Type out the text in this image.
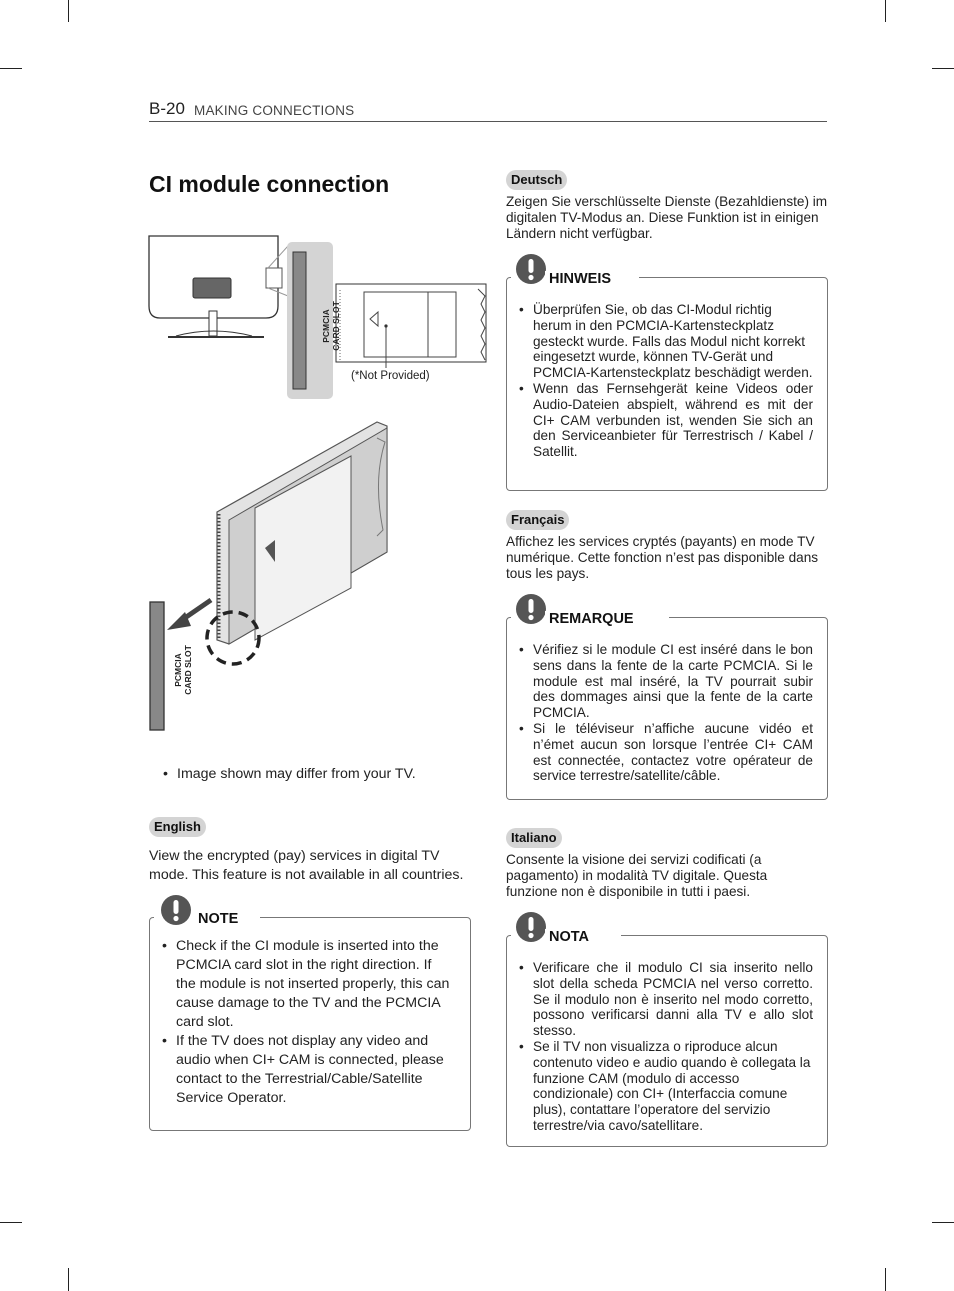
B-20 MAKING CONNECTIONS
CI module connection
PCMCIA CARD SLOT
(*Not Provided)
PCMCIA CARD SLOT
• Image shown may differ from your TV.
English
View the encrypted (pay) services in digital TV mode. This feature is not available in all countries.
NOTE
• Check if the CI module is inserted into the PCMCIA card slot in the right direction. If the module is not inserted properly, this can cause damage to the TV and the PCMCIA card slot.
• If the TV does not display any video and audio when CI+ CAM is connected, please contact to the Terrestrial/Cable/Satellite Service Operator.
Deutsch
Zeigen Sie verschlüsselte Dienste (Bezahldienste) im digitalen TV-Modus an. Diese Funktion ist in einigen Ländern nicht verfügbar.
HINWEIS
• Überprüfen Sie, ob das CI-Modul richtig herum in den PCMCIA-Kartensteckplatz gesteckt wurde. Falls das Modul nicht korrekt eingesetzt wurde, können TV-Gerät und PCMCIA-Kartensteckplatz beschädigt werden.
• Wenn das Fernsehgerät keine Videos oder Audio-Dateien abspielt, während es mit der CI+ CAM verbunden ist, wenden Sie sich an den Serviceanbieter für Terrestrisch / Kabel / Satellit.
Français
Affichez les services cryptés (payants) en mode TV numérique. Cette fonction n’est pas disponible dans tous les pays.
REMARQUE
• Vérifiez si le module CI est inséré dans le bon sens dans la fente de la carte PCMCIA. Si le module est mal inséré, la TV pourrait subir des dommages ainsi que la fente de la carte PCMCIA.
• Si le téléviseur n’affiche aucune vidéo et n’émet aucun son lorsque l’entrée CI+ CAM est connectée, contactez votre opérateur de service terrestre/satellite/câble.
Italiano
Consente la visione dei servizi codificati (a pagamento) in modalità TV digitale. Questa funzione non è disponibile in tutti i paesi.
NOTA
• Verificare che il modulo CI sia inserito nello slot della scheda PCMCIA nel verso corretto. Se il modulo non è inserito nel modo corretto, possono verificarsi danni alla TV e allo slot stesso.
• Se il TV non visualizza o riproduce alcun contenuto video e audio quando è collegata la funzione CAM (modulo di accesso condizionale) con CI+ (Interfaccia comune plus), contattare l’operatore del servizio terrestre/via cavo/satellitare.
